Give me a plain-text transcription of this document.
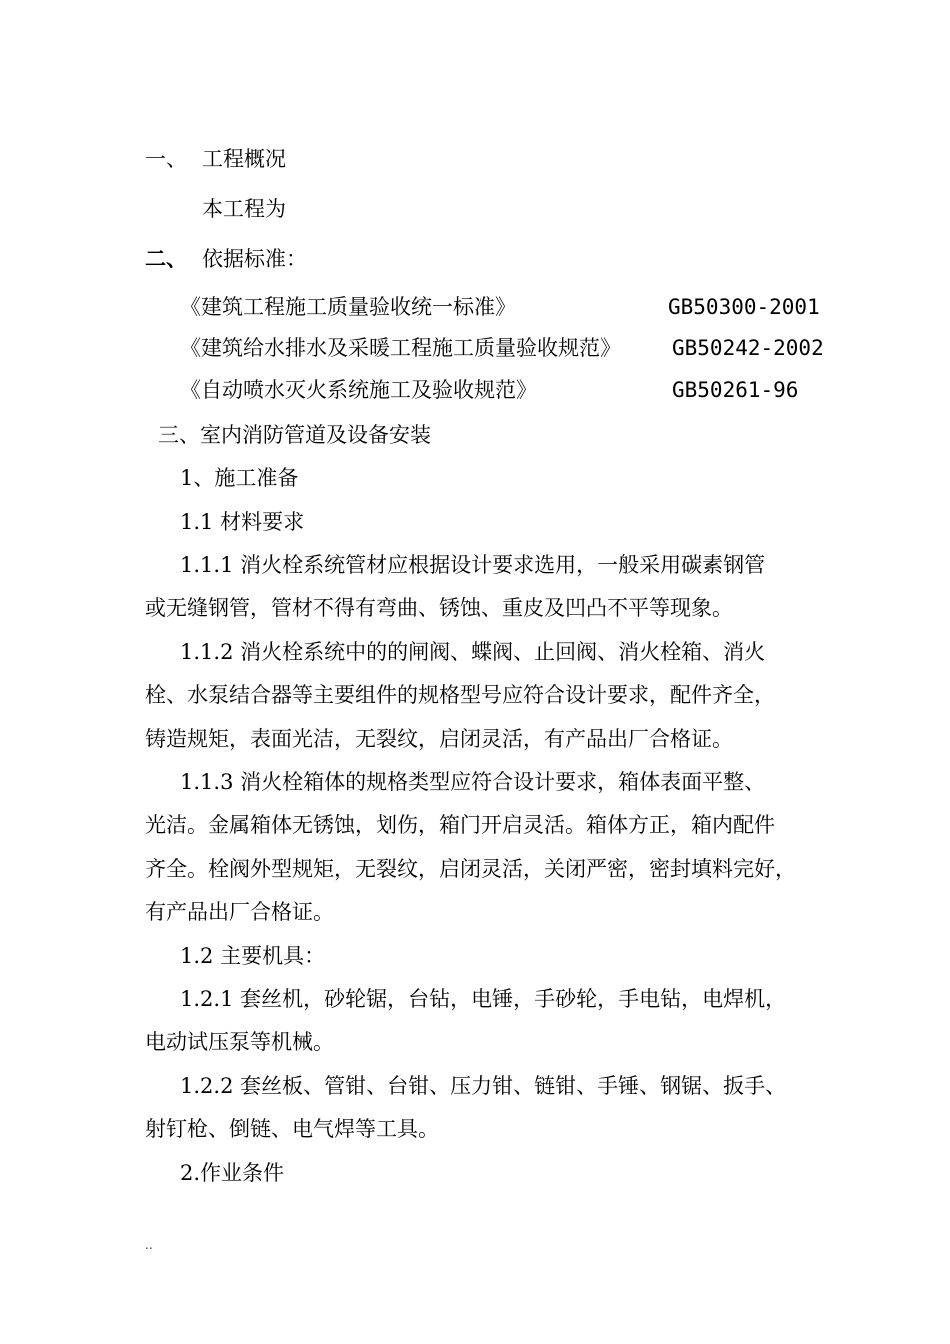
一、 工程概况
本工程为
二、 依据标准：
《建筑工程施工质量验收统一标准》	GB50300-2001
《建筑给水排水及采暖工程施工质量验收规范》 GB50242-2002
《自动喷水灭火系统施工及验收规范》	GB50261-96
三、室内消防管道及设备安装
1、施工准备
1.1 材料要求
1.1.1 消火栓系统管材应根据设计要求选用，一般采用碳素钢管
或无缝钢管，管材不得有弯曲、锈蚀、重皮及凹凸不平等现象。
1.1.2 消火栓系统中的的闸阀、蝶阀、止回阀、消火栓箱、消火
栓、水泵结合器等主要组件的规格型号应符合设计要求，配件齐全，
铸造规矩，表面光洁，无裂纹，启闭灵活，有产品出厂合格证。
1.1.3 消火栓箱体的规格类型应符合设计要求，箱体表面平整、
光洁。金属箱体无锈蚀，划伤，箱门开启灵活。箱体方正，箱内配件
齐全。栓阀外型规矩，无裂纹，启闭灵活，关闭严密，密封填料完好，
有产品出厂合格证。
1.2 主要机具：
1.2.1 套丝机，砂轮锯，台钻，电锤，手砂轮，手电钻，电焊机，
电动试压泵等机械。
1.2.2 套丝板、管钳、台钳、压力钳、链钳、手锤、钢锯、扳手、
射钉枪、倒链、电气焊等工具。
2.作业条件
..
